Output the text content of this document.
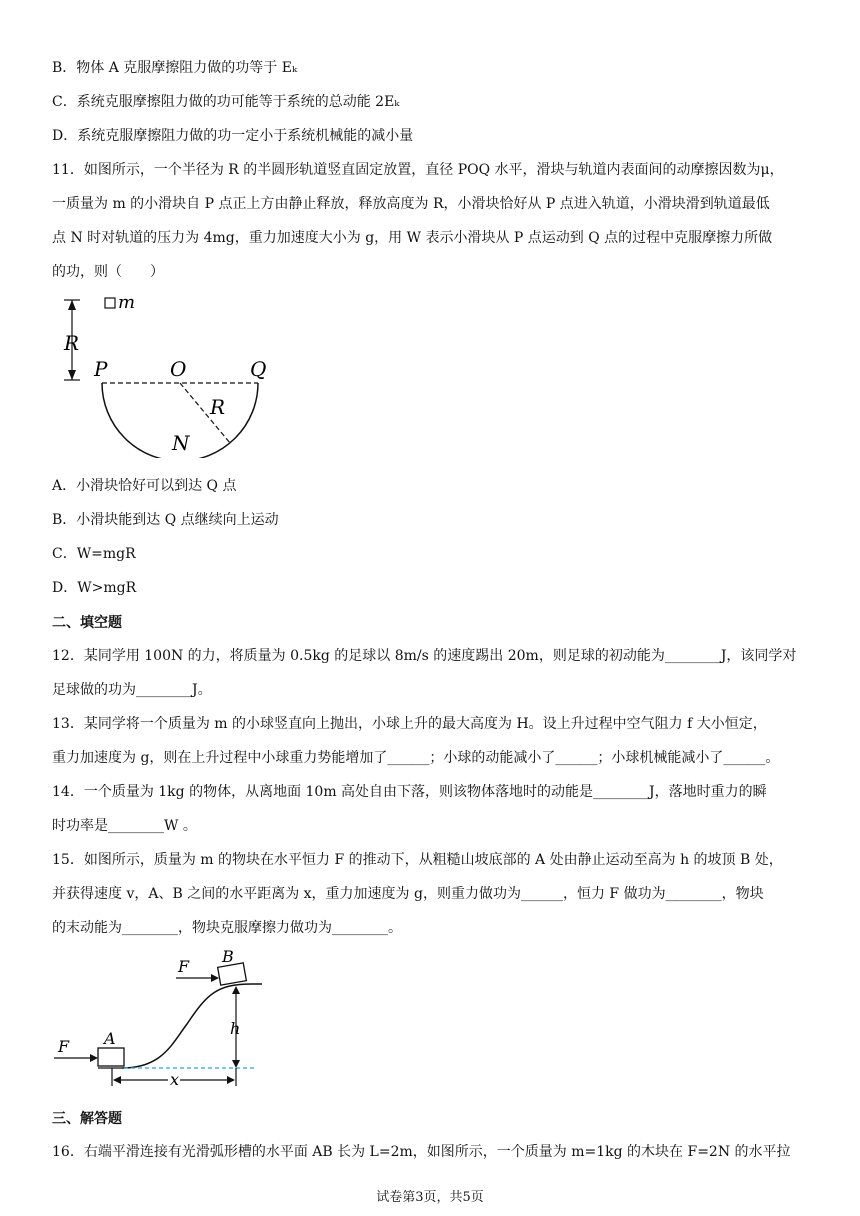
B．物体 A 克服摩擦阻力做的功等于 Eₖ
C．系统克服摩擦阻力做的功可能等于系统的总动能 2Eₖ
D．系统克服摩擦阻力做的功一定小于系统机械能的减小量
11．如图所示，一个半径为 R 的半圆形轨道竖直固定放置，直径 POQ 水平，滑块与轨道内表面间的动摩擦因数为μ，
一质量为 m 的小滑块自 P 点正上方由静止释放，释放高度为 R，小滑块恰好从 P 点进入轨道，小滑块滑到轨道最低
点 N 时对轨道的压力为 4mg，重力加速度大小为 g，用 W 表示小滑块从 P 点运动到 Q 点的过程中克服摩擦力所做
的功，则（　　）
m
R
P	O	Q
R
N
A．小滑块恰好可以到达 Q 点
B．小滑块能到达 Q 点继续向上运动
C．W=mgR
D．W>mgR
二、填空题
12．某同学用 100N 的力，将质量为 0.5kg 的足球以 8m/s 的速度踢出 20m，则足球的初动能为________J，该同学对
足球做的功为________J。
13．某同学将一个质量为 m 的小球竖直向上抛出，小球上升的最大高度为 H。设上升过程中空气阻力 f 大小恒定，
重力加速度为 g，则在上升过程中小球重力势能增加了______；小球的动能减小了______；小球机械能减小了______。
14．一个质量为 1kg 的物体，从离地面 10m 高处自由下落，则该物体落地时的动能是________J，落地时重力的瞬
时功率是________W 。
15．如图所示，质量为 m 的物块在水平恒力 F 的推动下，从粗糙山坡底部的 A 处由静止运动至高为 h 的坡顶 B 处，
并获得速度 v，A、B 之间的水平距离为 x，重力加速度为 g，则重力做功为______，恒力 F 做功为________，物块
的末动能为________，物块克服摩擦力做功为________。
A
F
B
F
h
x
三、解答题
16．右端平滑连接有光滑弧形槽的水平面 AB 长为 L=2m，如图所示，一个质量为 m=1kg 的木块在 F=2N 的水平拉
试卷第3页，共5页
